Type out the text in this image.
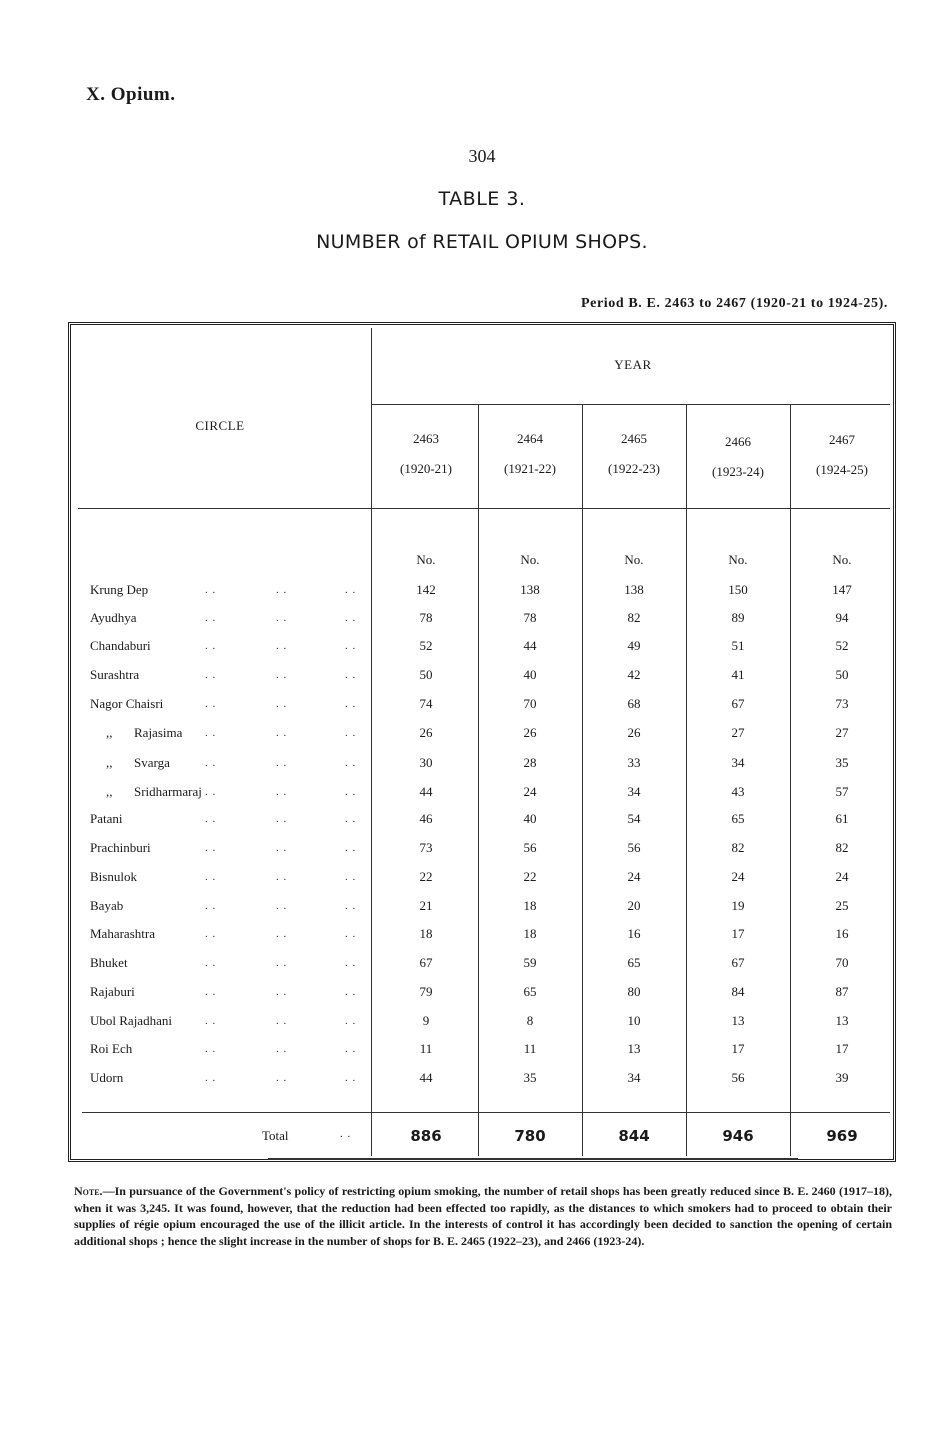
X. Opium.
304
TABLE 3.
NUMBER of RETAIL OPIUM SHOPS.
Period B. E. 2463 to 2467 (1920-21 to 1924-25).
CIRCLE
YEAR
2463
(1920-21)
2464
(1921-22)
2465
(1922-23)
2466
(1923-24)
2467
(1924-25)
No.	No.	No.	No.	No.
Krung Dep	. .	. .	. .	142	138	138	150	147
Ayudhya	. .	. .	. .	78	78	82	89	94
Chandaburi	. .	. .	. .	52	44	49	51	52
Surashtra	. .	. .	. .	50	40	42	41	50
Nagor Chaisri	. .	. .	. .	74	70	68	67	73
,, Rajasima . .	. .	. .	26	26	26	27	27
,, Svarga	. .	. .	. .	30	28	33	34	35
,, Sridharmaraj . .	. .	. .	44	24	34	43	57
Patani	. .	. .	. .	46	40	54	65	61
Prachinburi	. .	. .	. .	73	56	56	82	82
Bisnulok	. .	. .	. .	22	22	24	24	24
Bayab	. .	. .	. .	21	18	20	19	25
Maharashtra	. .	. .	. .	18	18	16	17	16
Bhuket	. .	. .	. .	67	59	65	67	70
Rajaburi	. .	. .	. .	79	65	80	84	87
Ubol Rajadhani	. .	. .	. .	9	8	10	13	13
Roi Ech	. .	. .	. .	11	11	13	17	17
Udorn	. .	. .	. .	44	35	34	56	39
Total	. .	886	780	844	946	969
Note.—In pursuance of the Government's policy of restricting opium smoking, the number of retail shops has been greatly reduced since B. E. 2460 (1917–18), when it was 3,245. It was found, however, that the reduction had been effected too rapidly, as the distances to which smokers had to proceed to obtain their supplies of régie opium encouraged the use of the illicit article. In the interests of control it has accordingly been decided to sanction the opening of certain additional shops ; hence the slight increase in the number of shops for B. E. 2465 (1922–23), and 2466 (1923-24).
